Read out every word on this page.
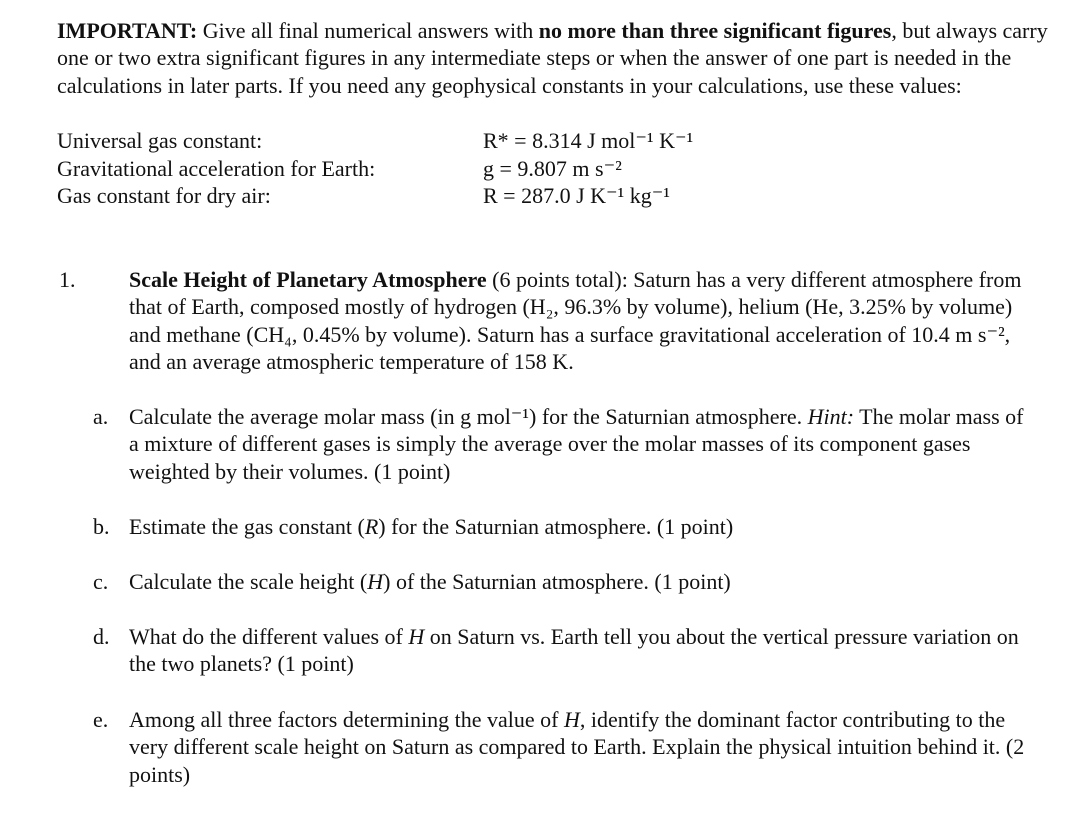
IMPORTANT: Give all final numerical answers with no more than three significant figures, but always carry one or two extra significant figures in any intermediate steps or when the answer of one part is needed in the calculations in later parts. If you need any geophysical constants in your calculations, use these values:
Universal gas constant:	R* = 8.314 J mol⁻¹ K⁻¹
Gravitational acceleration for Earth:	g = 9.807 m s⁻²
Gas constant for dry air:	R = 287.0 J K⁻¹ kg⁻¹
1. Scale Height of Planetary Atmosphere (6 points total): Saturn has a very different atmosphere from that of Earth, composed mostly of hydrogen (H₂, 96.3% by volume), helium (He, 3.25% by volume) and methane (CH₄, 0.45% by volume). Saturn has a surface gravitational acceleration of 10.4 m s⁻², and an average atmospheric temperature of 158 K.
a. Calculate the average molar mass (in g mol⁻¹) for the Saturnian atmosphere. Hint: The molar mass of a mixture of different gases is simply the average over the molar masses of its component gases weighted by their volumes. (1 point)
b. Estimate the gas constant (R) for the Saturnian atmosphere. (1 point)
c. Calculate the scale height (H) of the Saturnian atmosphere. (1 point)
d. What do the different values of H on Saturn vs. Earth tell you about the vertical pressure variation on the two planets? (1 point)
e. Among all three factors determining the value of H, identify the dominant factor contributing to the very different scale height on Saturn as compared to Earth. Explain the physical intuition behind it. (2 points)
